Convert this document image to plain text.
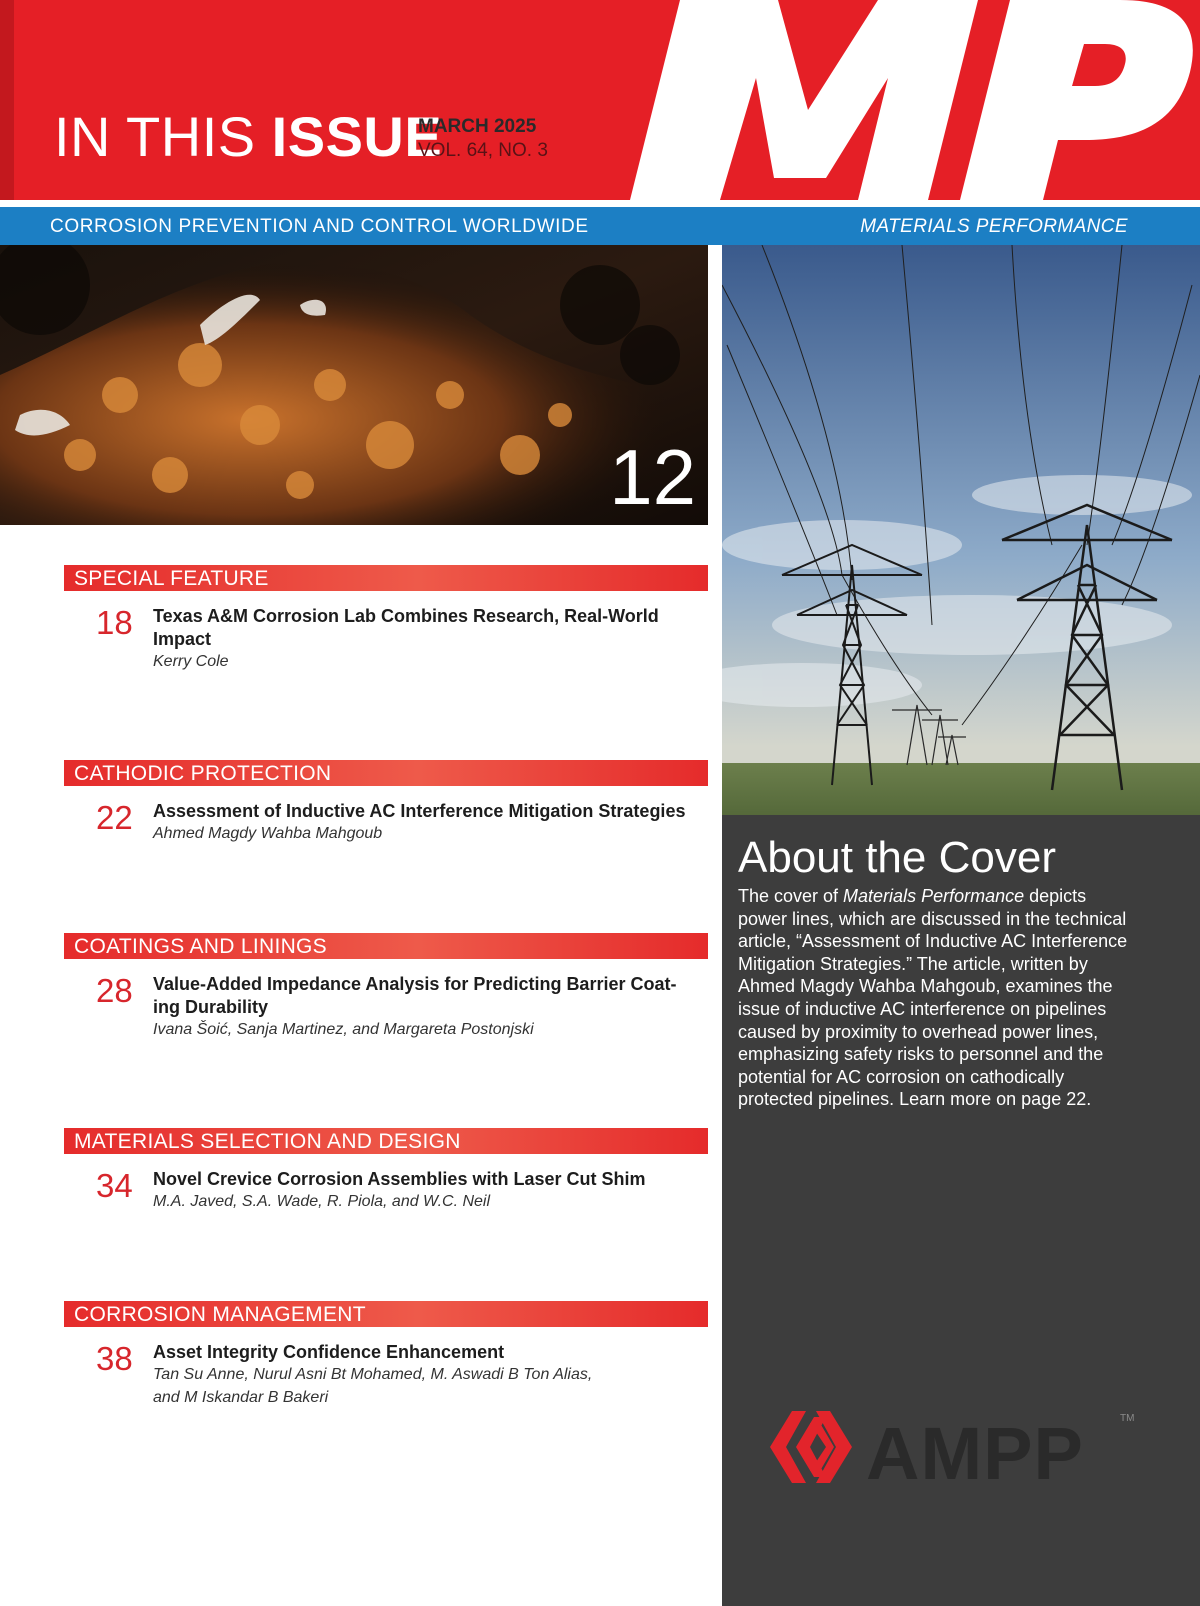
IN THIS ISSUE
MARCH 2025
VOL. 64, NO. 3
CORROSION PREVENTION AND CONTROL WORLDWIDE	MATERIALS PERFORMANCE
12
About the Cover
The cover of Materials Performance depicts power lines, which are discussed in the technical article, “Assessment of Inductive AC Interference Mitigation Strategies.” The article, written by Ahmed Magdy Wahba Mahgoub, examines the issue of inductive AC interference on pipelines caused by proximity to overhead power lines, emphasizing safety risks to personnel and the potential for AC corrosion on cathodically protected pipelines. Learn more on page 22.
AMPP	TM
SPECIAL FEATURE
18 Texas A&M Corrosion Lab Combines Research, Real-World Impact
Kerry Cole
CATHODIC PROTECTION
22 Assessment of Inductive AC Interference Mitigation Strategies
Ahmed Magdy Wahba Mahgoub
COATINGS AND LININGS
28 Value-Added Impedance Analysis for Predicting Barrier Coat-ing Durability
Ivana Šoić, Sanja Martinez, and Margareta Postonjski
MATERIALS SELECTION AND DESIGN
34 Novel Crevice Corrosion Assemblies with Laser Cut Shim
M.A. Javed, S.A. Wade, R. Piola, and W.C. Neil
CORROSION MANAGEMENT
38 Asset Integrity Confidence Enhancement
Tan Su Anne, Nurul Asni Bt Mohamed, M. Aswadi B Ton Alias, and M Iskandar B Bakeri
